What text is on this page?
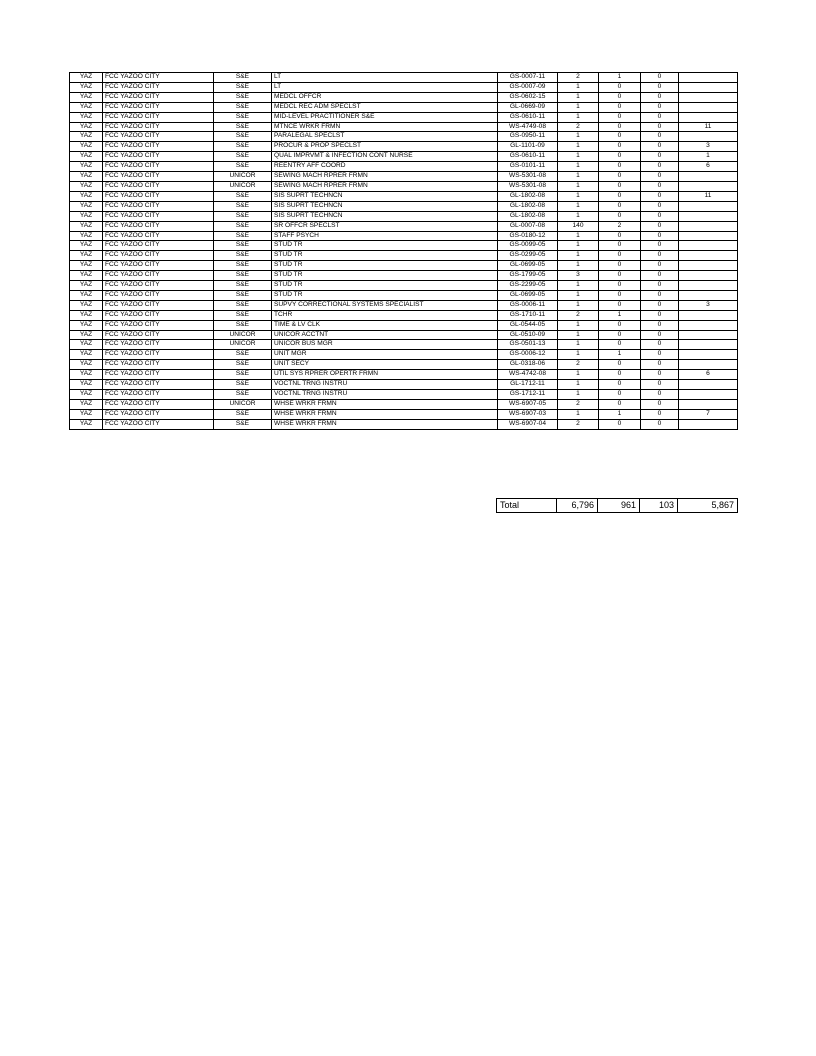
YAZ	FCC YAZOO CITY	S&E	LT	GS-0007-11	2	1	0	
YAZ	FCC YAZOO CITY	S&E	LT	GS-0007-09	1	0	0	
YAZ	FCC YAZOO CITY	S&E	MEDCL OFFCR	GS-0602-15	1	0	0	
YAZ	FCC YAZOO CITY	S&E	MEDCL REC ADM SPECLST	GL-0669-09	1	0	0	
YAZ	FCC YAZOO CITY	S&E	MID-LEVEL PRACTITIONER S&E	GS-0610-11	1	0	0	
YAZ	FCC YAZOO CITY	S&E	MTNCE WRKR FRMN	WS-4749-08	2	0	0	11
YAZ	FCC YAZOO CITY	S&E	PARALEGAL SPECLST	GS-0950-11	1	0	0	
YAZ	FCC YAZOO CITY	S&E	PROCUR & PROP SPECLST	GL-1101-09	1	0	0	3
YAZ	FCC YAZOO CITY	S&E	QUAL IMPRVMT & INFECTION CONT NURSE	GS-0610-11	1	0	0	1
YAZ	FCC YAZOO CITY	S&E	REENTRY AFF COORD	GS-0101-11	1	0	0	6
YAZ	FCC YAZOO CITY	UNICOR	SEWING MACH RPRER FRMN	WS-5301-08	1	0	0	
YAZ	FCC YAZOO CITY	UNICOR	SEWING MACH RPRER FRMN	WS-5301-08	1	0	0	
YAZ	FCC YAZOO CITY	S&E	SIS SUPRT TECHNCN	GL-1802-08	1	0	0	11
YAZ	FCC YAZOO CITY	S&E	SIS SUPRT TECHNCN	GL-1802-08	1	0	0	
YAZ	FCC YAZOO CITY	S&E	SIS SUPRT TECHNCN	GL-1802-08	1	0	0	
YAZ	FCC YAZOO CITY	S&E	SR OFFCR SPECLST	GL-0007-08	140	2	0	
YAZ	FCC YAZOO CITY	S&E	STAFF PSYCH	GS-0180-12	1	0	0	
YAZ	FCC YAZOO CITY	S&E	STUD TR	GS-0099-05	1	0	0	
YAZ	FCC YAZOO CITY	S&E	STUD TR	GS-0299-05	1	0	0	
YAZ	FCC YAZOO CITY	S&E	STUD TR	GL-0699-05	1	0	0	
YAZ	FCC YAZOO CITY	S&E	STUD TR	GS-1799-05	3	0	0	
YAZ	FCC YAZOO CITY	S&E	STUD TR	GS-2299-05	1	0	0	
YAZ	FCC YAZOO CITY	S&E	STUD TR	GL-0699-05	1	0	0	
YAZ	FCC YAZOO CITY	S&E	SUPVY CORRECTIONAL SYSTEMS SPECIALIST	GS-0006-11	1	0	0	3
YAZ	FCC YAZOO CITY	S&E	TCHR	GS-1710-11	2	1	0	
YAZ	FCC YAZOO CITY	S&E	TIME & LV CLK	GL-0544-05	1	0	0	
YAZ	FCC YAZOO CITY	UNICOR	UNICOR ACCTNT	GL-0510-09	1	0	0	
YAZ	FCC YAZOO CITY	UNICOR	UNICOR BUS MGR	GS-0501-13	1	0	0	
YAZ	FCC YAZOO CITY	S&E	UNIT MGR	GS-0006-12	1	1	0	
YAZ	FCC YAZOO CITY	S&E	UNIT SECY	GL-0318-06	2	0	0	
YAZ	FCC YAZOO CITY	S&E	UTIL SYS RPRER OPERTR FRMN	WS-4742-08	1	0	0	6
YAZ	FCC YAZOO CITY	S&E	VOCTNL TRNG INSTRU	GL-1712-11	1	0	0	
YAZ	FCC YAZOO CITY	S&E	VOCTNL TRNG INSTRU	GS-1712-11	1	0	0	
YAZ	FCC YAZOO CITY	UNICOR	WHSE WRKR FRMN	WS-6907-05	2	0	0	
YAZ	FCC YAZOO CITY	S&E	WHSE WRKR FRMN	WS-6907-03	1	1	0	7
YAZ	FCC YAZOO CITY	S&E	WHSE WRKR FRMN	WS-6907-04	2	0	0	
Total	6,796	961	103	5,867
